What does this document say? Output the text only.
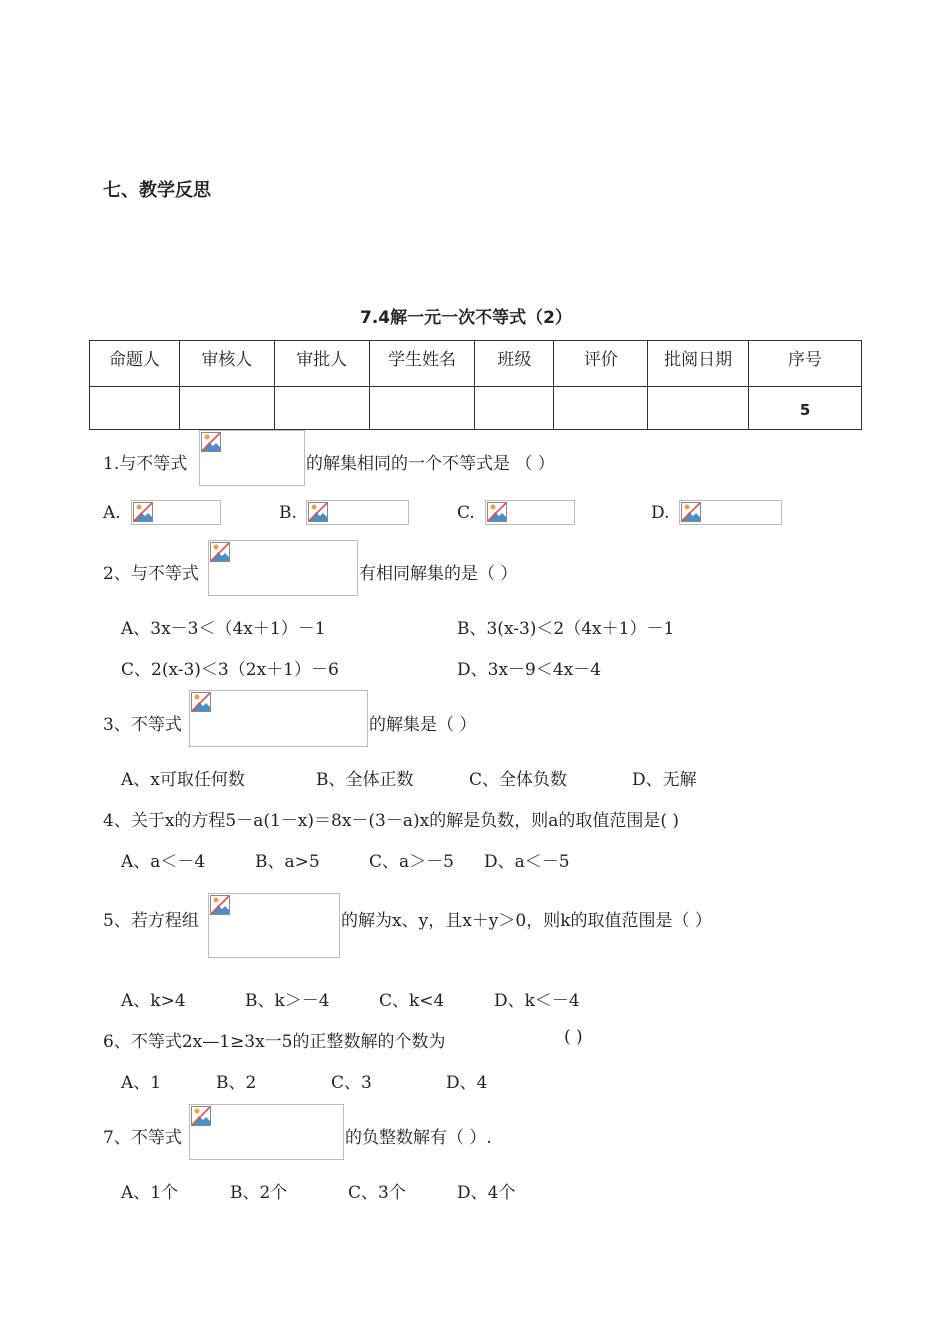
七、教学反思
7.4解一元一次不等式（2）
命题人	审核人	审批人	学生姓名	班级	评价	批阅日期	序号
							5
1.与不等式	的解集相同的一个不等式是 （ ）
A.	B.	C.	D.
2、与不等式	有相同解集的是（ ）
A、3x－3＜（4x＋1）－1	B、3(x-3)＜2（4x＋1）－1
C、2(x-3)＜3（2x＋1）－6	D、3x－9＜4x－4
3、不等式	的解集是（ ）
A、x可取任何数	B、全体正数	C、全体负数	D、无解
4、关于x的方程5－a(1－x)＝8x－(3－a)x的解是负数，则a的取值范围是( )
A、a＜－4	B、a>5	C、a＞－5 D、a＜－5
5、若方程组	的解为x、y，且x＋y＞0，则k的取值范围是（ ）
A、k>4	B、k＞－4	C、k<4	D、k＜－4
6、不等式2x—1≥3x一5的正整数解的个数为	( )
A、1	B、2	C、3	D、4
7、不等式	的负整数解有（ ）.
A、1个	B、2个	C、3个	D、4个
